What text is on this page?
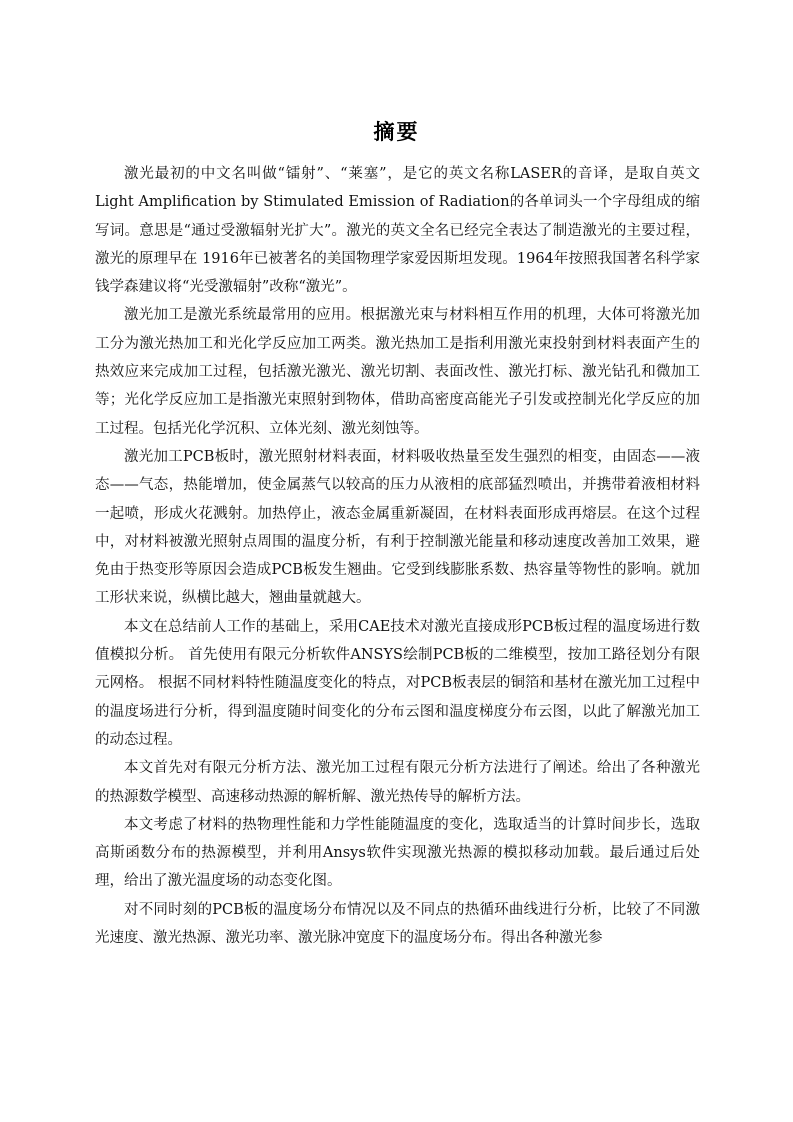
摘要

激光最初的中文名叫做“镭射”、“莱塞”，是它的英文名称LASER的音译，是取自英文Light Amplification by Stimulated Emission of Radiation的各单词头一个字母组成的缩写词。意思是“通过受激辐射光扩大”。激光的英文全名已经完全表达了制造激光的主要过程，激光的原理早在 1916年已被著名的美国物理学家爱因斯坦发现。1964年按照我国著名科学家钱学森建议将“光受激辐射”改称“激光”。

激光加工是激光系统最常用的应用。根据激光束与材料相互作用的机理，大体可将激光加工分为激光热加工和光化学反应加工两类。激光热加工是指利用激光束投射到材料表面产生的热效应来完成加工过程，包括激光激光、激光切割、表面改性、激光打标、激光钻孔和微加工等；光化学反应加工是指激光束照射到物体，借助高密度高能光子引发或控制光化学反应的加工过程。包括光化学沉积、立体光刻、激光刻蚀等。

激光加工PCB板时，激光照射材料表面，材料吸收热量至发生强烈的相变，由固态——液态——气态，热能增加，使金属蒸气以较高的压力从液相的底部猛烈喷出，并携带着液相材料一起喷，形成火花溅射。加热停止，液态金属重新凝固，在材料表面形成再熔层。在这个过程中，对材料被激光照射点周围的温度分析，有利于控制激光能量和移动速度改善加工效果，避免由于热变形等原因会造成PCB板发生翘曲。它受到线膨胀系数、热容量等物性的影响。就加工形状来说，纵横比越大，翘曲量就越大。

本文在总结前人工作的基础上，采用CAE技术对激光直接成形PCB板过程的温度场进行数值模拟分析。 首先使用有限元分析软件ANSYS绘制PCB板的二维模型，按加工路径划分有限元网格。 根据不同材料特性随温度变化的特点，对PCB板表层的铜箔和基材在激光加工过程中的温度场进行分析，得到温度随时间变化的分布云图和温度梯度分布云图，以此了解激光加工的动态过程。

本文首先对有限元分析方法、激光加工过程有限元分析方法进行了阐述。给出了各种激光的热源数学模型、高速移动热源的解析解、激光热传导的解析方法。

本文考虑了材料的热物理性能和力学性能随温度的变化，选取适当的计算时间步长，选取高斯函数分布的热源模型，并利用Ansys软件实现激光热源的模拟移动加载。最后通过后处理，给出了激光温度场的动态变化图。

对不同时刻的PCB板的温度场分布情况以及不同点的热循环曲线进行分析，比较了不同激光速度、激光热源、激光功率、激光脉冲宽度下的温度场分布。得出各种激光参
